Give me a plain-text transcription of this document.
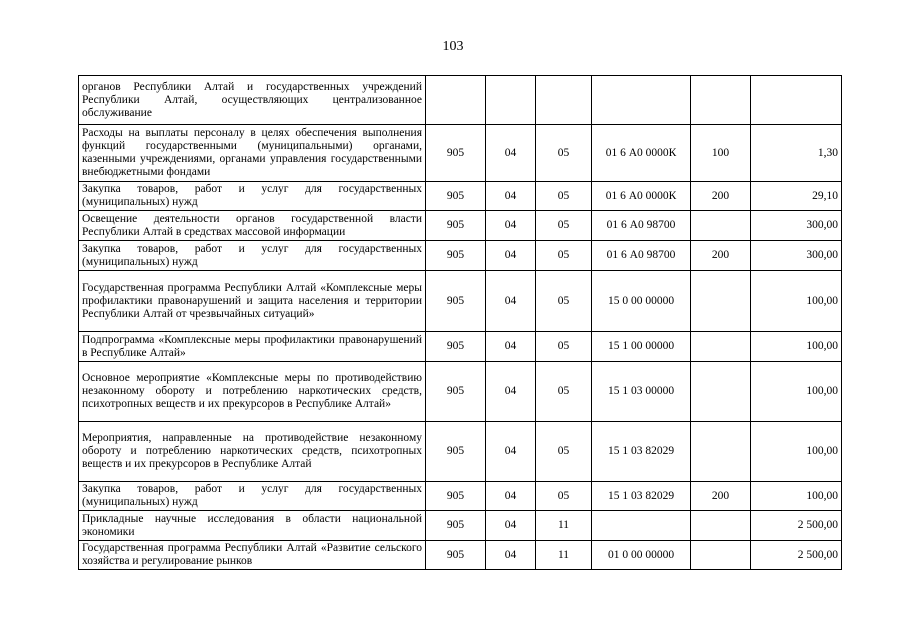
103
органов Республики Алтай и государственных учреждений Республики Алтай, осуществляющих централизованное обслуживание						
Расходы на выплаты персоналу в целях обеспечения выполнения функций государственными (муниципальными) органами, казенными учреждениями, органами управления государственными внебюджетными фондами	905	04	05	01 6 А0 0000К	100	1,30
Закупка товаров, работ и услуг для государственных (муниципальных) нужд	905	04	05	01 6 А0 0000К	200	29,10
Освещение деятельности органов государственной власти Республики Алтай в средствах массовой информации	905	04	05	01 6 А0 98700		300,00
Закупка товаров, работ и услуг для государственных (муниципальных) нужд	905	04	05	01 6 А0 98700	200	300,00
Государственная программа Республики Алтай «Комплексные меры профилактики правонарушений и защита населения и территории Республики Алтай от чрезвычайных ситуаций»	905	04	05	15 0 00 00000		100,00
Подпрограмма «Комплексные меры профилактики правонарушений в Республике Алтай»	905	04	05	15 1 00 00000		100,00
Основное мероприятие «Комплексные меры по противодействию незаконному обороту и потреблению наркотических средств, психотропных веществ и их прекурсоров в Республике Алтай»	905	04	05	15 1 03 00000		100,00
Мероприятия, направленные на противодействие незаконному обороту и потреблению наркотических средств, психотропных веществ и их прекурсоров в Республике Алтай	905	04	05	15 1 03 82029		100,00
Закупка товаров, работ и услуг для государственных (муниципальных) нужд	905	04	05	15 1 03 82029	200	100,00
Прикладные научные исследования в области национальной экономики	905	04	11			2 500,00
Государственная программа Республики Алтай «Развитие сельского хозяйства и регулирование рынков	905	04	11	01 0 00 00000		2 500,00
